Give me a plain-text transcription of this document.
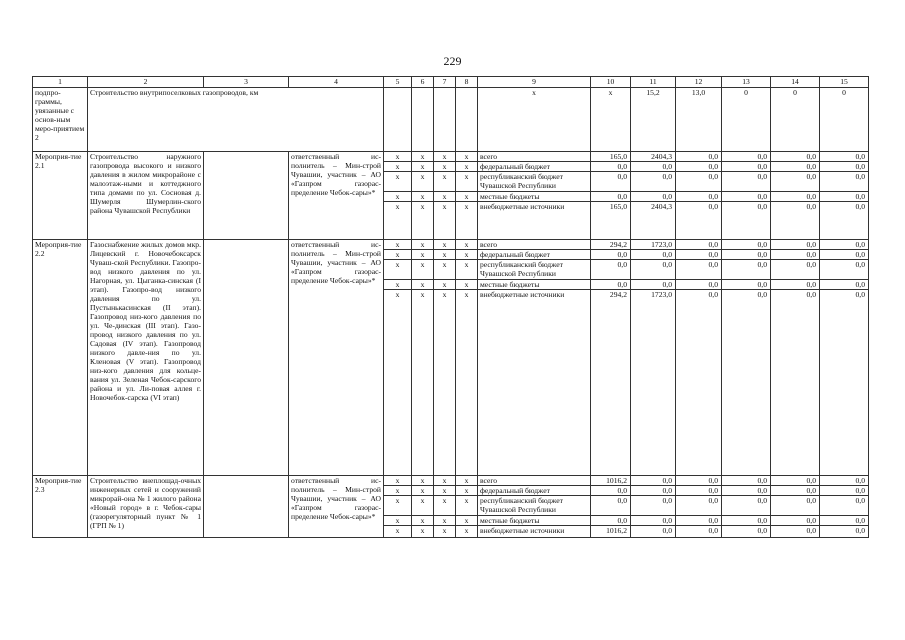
229
1	2	3	4	5	6	7	8	9	10	11	12	13	14	15
подпро-граммы, увязанные с основ-ным меро-приятием 2	Строительство внутрипоселковых газопроводов, км							х	х	15,2	13,0	0	0	0
Мероприя-тие 2.1	Строительство наружного газопровода высокого и низкого давления в жилом микрорайоне с малоэтаж-ными и коттеджного типа домами по ул. Сосновая д. Шумерля Шумерлин-ского района Чувашской Республики		ответственный ис-полнитель – Мин-строй Чувашии, участник – АО «Газпром газорас-пределение Чебок-сары»*	х	х	х	х	всего	165,0	2404,3	0,0	0,0	0,0	0,0
				х	х	х	х	федеральный бюджет	0,0	0,0	0,0	0,0	0,0	0,0
				х	х	х	х	республиканский бюджет Чувашской Республики	0,0	0,0	0,0	0,0	0,0	0,0
				х	х	х	х	местные бюджеты	0,0	0,0	0,0	0,0	0,0	0,0
				х	х	х	х	внебюджетные источники	165,0	2404,3	0,0	0,0	0,0	0,0
Мероприя-тие 2.2	Газоснабжение жилых домов мкр. Лицевский г. Новочебоксарск Чуваш-ской Республики. Газопро-вод низкого давления по ул. Нагорная, ул. Цыганка-синская (I этап). Газопро-вод низкого давления по ул. Пустынькасинская (II этап). Газопровод низ-кого давления по ул. Че-динская (III этап). Газо-провод низкого давления по ул. Садовая (IV этап). Газопровод низкого давле-ния по ул. Кленовая (V этап). Газопровод низ-кого давления для кольце-вания ул. Зеленая Чебок-сарского района и ул. Ли-повая аллея г. Новочебок-сарска (VI этап)		ответственный ис-полнитель – Мин-строй Чувашии, участник – АО «Газпром газорас-пределение Чебок-сары»*	х	х	х	х	всего	294,2	1723,0	0,0	0,0	0,0	0,0
				х	х	х	х	федеральный бюджет	0,0	0,0	0,0	0,0	0,0	0,0
				х	х	х	х	республиканский бюджет Чувашской Республики	0,0	0,0	0,0	0,0	0,0	0,0
				х	х	х	х	местные бюджеты	0,0	0,0	0,0	0,0	0,0	0,0
				х	х	х	х	внебюджетные источники	294,2	1723,0	0,0	0,0	0,0	0,0
Мероприя-тие 2.3	Строительство внеплощад-очных инженерных сетей и сооружений микрорай-она № 1 жилого района «Новый город» в г. Чебок-сары (газорегуляторный пункт № 1 (ГРП № 1)		ответственный ис-полнитель – Мин-строй Чувашии, участник – АО «Газпром газорас-пределение Чебок-сары»*	х	х	х	х	всего	1016,2	0,0	0,0	0,0	0,0	0,0
				х	х	х	х	федеральный бюджет	0,0	0,0	0,0	0,0	0,0	0,0
				х	х	х	х	республиканский бюджет Чувашской Республики	0,0	0,0	0,0	0,0	0,0	0,0
				х	х	х	х	местные бюджеты	0,0	0,0	0,0	0,0	0,0	0,0
				х	х	х	х	внебюджетные источники	1016,2	0,0	0,0	0,0	0,0	0,0
